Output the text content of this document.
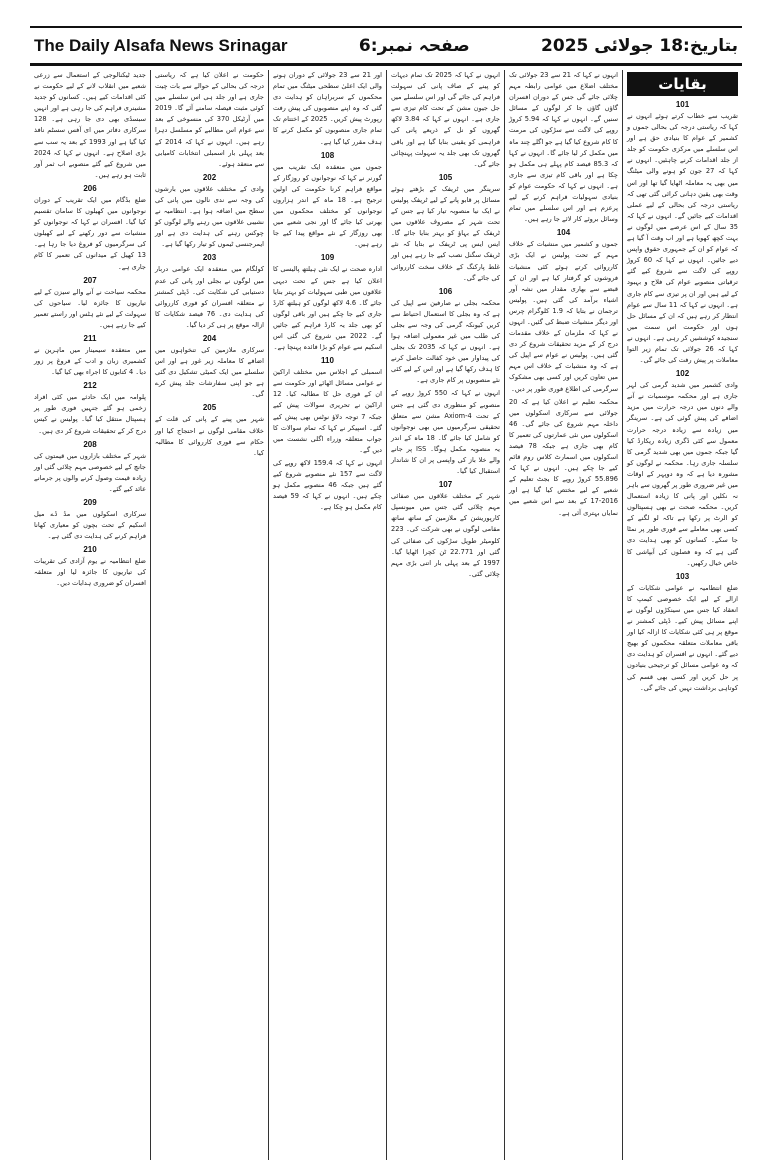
The Daily Alsafa News Srinagar	صفحہ نمبر:6	بتاریخ:18 جولائی 2025
بقایات
101

تقریب سے خطاب کرتے ہوئے انہوں نے کہا کہ ریاستی درجہ کی بحالی جموں و کشمیر کے عوام کا بنیادی حق ہے اور اس سلسلے میں مرکزی حکومت کو جلد از جلد اقدامات کرنے چاہئیں۔ انہوں نے کہا کہ 27 جون کو ہونے والی میٹنگ میں بھی یہ معاملہ اٹھایا گیا تھا اور اس وقت بھی یقین دہانی کرائی گئی تھی کہ ریاستی درجہ کی بحالی کے لیے عملی اقدامات کیے جائیں گے۔ انہوں نے کہا کہ 35 سال کے اس عرصے میں لوگوں نے بہت کچھ کھویا ہے اور اب وقت آ گیا ہے کہ عوام کو ان کے جمہوری حقوق واپس دیے جائیں۔ انہوں نے کہا کہ 60 کروڑ روپے کی لاگت سے شروع کیے گئے ترقیاتی منصوبے عوام کی فلاح و بہبود کے لیے ہیں اور ان پر تیزی سے کام جاری ہے۔ انہوں نے کہا کہ 11 سال سے عوام انتظار کر رہے ہیں کہ ان کے مسائل حل ہوں اور حکومت اس سمت میں سنجیدہ کوششیں کر رہی ہے۔ انہوں نے کہا کہ 26 جولائی تک تمام زیر التوا معاملات پر پیش رفت کی جائے گی۔

102

وادی کشمیر میں شدید گرمی کی لہر جاری ہے اور محکمہ موسمیات نے آنے والے دنوں میں درجہ حرارت میں مزید اضافے کی پیش گوئی کی ہے۔ سرینگر میں زیادہ سے زیادہ درجہ حرارت معمول سے کئی ڈگری زیادہ ریکارڈ کیا گیا جبکہ جموں میں بھی شدید گرمی کا سلسلہ جاری رہا۔ محکمہ نے لوگوں کو مشورہ دیا ہے کہ وہ دوپہر کے اوقات میں غیر ضروری طور پر گھروں سے باہر نہ نکلیں اور پانی کا زیادہ استعمال کریں۔ محکمہ صحت نے بھی ہسپتالوں کو الرٹ پر رکھا ہے تاکہ لو لگنے کے کسی بھی معاملے سے فوری طور پر نمٹا جا سکے۔ کسانوں کو بھی ہدایت دی گئی ہے کہ وہ فصلوں کی آبپاشی کا خاص خیال رکھیں۔

103

ضلع انتظامیہ نے عوامی شکایات کے ازالے کے لیے ایک خصوصی کیمپ کا انعقاد کیا جس میں سینکڑوں لوگوں نے اپنے مسائل پیش کیے۔ ڈپٹی کمشنر نے موقع پر ہی کئی شکایات کا ازالہ کیا اور باقی معاملات متعلقہ محکموں کو بھیج دیے گئے۔ انہوں نے افسران کو ہدایت دی کہ وہ عوامی مسائل کو ترجیحی بنیادوں پر حل کریں اور کسی بھی قسم کی کوتاہی برداشت نہیں کی جائے گی۔

انہوں نے کہا کہ 21 سے 23 جولائی تک مختلف اضلاع میں عوامی رابطہ مہم چلائی جائے گی جس کے دوران افسران گاؤں گاؤں جا کر لوگوں کے مسائل سنیں گے۔ انہوں نے کہا کہ 5.94 کروڑ روپے کی لاگت سے سڑکوں کی مرمت کا کام شروع کیا گیا ہے جو اگلے چند ماہ میں مکمل کر لیا جائے گا۔ انہوں نے کہا کہ 85.3 فیصد کام پہلے ہی مکمل ہو چکا ہے اور باقی کام تیزی سے جاری ہے۔ انہوں نے کہا کہ حکومت عوام کو بنیادی سہولیات فراہم کرنے کے لیے پرعزم ہے اور اس سلسلے میں تمام وسائل بروئے کار لائے جا رہے ہیں۔

104

جموں و کشمیر میں منشیات کے خلاف مہم کے تحت پولیس نے ایک بڑی کارروائی کرتے ہوئے کئی منشیات فروشوں کو گرفتار کیا ہے اور ان کے قبضے سے بھاری مقدار میں نشہ آور اشیاء برآمد کی گئی ہیں۔ پولیس ترجمان نے بتایا کہ 1.9 کلوگرام چرس اور دیگر منشیات ضبط کی گئیں۔ انہوں نے کہا کہ ملزمان کے خلاف مقدمات درج کر کے مزید تحقیقات شروع کر دی گئی ہیں۔ پولیس نے عوام سے اپیل کی ہے کہ وہ منشیات کے خلاف اس مہم میں تعاون کریں اور کسی بھی مشکوک سرگرمی کی اطلاع فوری طور پر دیں۔

محکمہ تعلیم نے اعلان کیا ہے کہ 20 جولائی سے سرکاری اسکولوں میں داخلہ مہم شروع کی جائے گی۔ 46 اسکولوں میں نئی عمارتوں کی تعمیر کا کام بھی جاری ہے جبکہ 78 فیصد اسکولوں میں اسمارٹ کلاس روم قائم کیے جا چکے ہیں۔ انہوں نے کہا کہ 55.896 کروڑ روپے کا بجٹ تعلیم کے شعبے کے لیے مختص کیا گیا ہے اور 2016-17 کے بعد سے اس شعبے میں نمایاں بہتری آئی ہے۔

انہوں نے کہا کہ 2025 تک تمام دیہات کو پینے کے صاف پانی کی سہولت فراہم کی جائے گی اور اس سلسلے میں جل جیون مشن کے تحت کام تیزی سے جاری ہے۔ انہوں نے کہا کہ 3.84 لاکھ گھروں کو نل کے ذریعے پانی کی فراہمی کو یقینی بنایا گیا ہے اور باقی گھروں تک بھی جلد یہ سہولت پہنچائی جائے گی۔

105

سرینگر میں ٹریفک کے بڑھتے ہوئے مسائل پر قابو پانے کے لیے ٹریفک پولیس نے ایک نیا منصوبہ تیار کیا ہے جس کے تحت شہر کے مصروف علاقوں میں ٹریفک کے بہاؤ کو بہتر بنایا جائے گا۔ ایس ایس پی ٹریفک نے بتایا کہ نئے ٹریفک سگنل نصب کیے جا رہے ہیں اور غلط پارکنگ کے خلاف سخت کارروائی کی جائے گی۔

106

محکمہ بجلی نے صارفین سے اپیل کی ہے کہ وہ بجلی کا استعمال احتیاط سے کریں کیونکہ گرمی کی وجہ سے بجلی کی طلب میں غیر معمولی اضافہ ہوا ہے۔ انہوں نے کہا کہ 2035 تک بجلی کی پیداوار میں خود کفالت حاصل کرنے کا ہدف رکھا گیا ہے اور اس کے لیے کئی نئے منصوبوں پر کام جاری ہے۔

انہوں نے کہا کہ 550 کروڑ روپے کے منصوبے کو منظوری دی گئی ہے جس کے تحت Axiom-4 مشن سے متعلق تحقیقی سرگرمیوں میں بھی نوجوانوں کو شامل کیا جائے گا۔ 18 ماہ کے اندر یہ منصوبہ مکمل ہوگا۔ ISS پر جانے والے خلا باز کی واپسی پر ان کا شاندار استقبال کیا گیا۔

107

شہر کے مختلف علاقوں میں صفائی مہم چلائی گئی جس میں میونسپل کارپوریشن کے ملازمین کے ساتھ ساتھ مقامی لوگوں نے بھی شرکت کی۔ 223 کلومیٹر طویل سڑکوں کی صفائی کی گئی اور 22.771 ٹن کچرا اٹھایا گیا۔ 1997 کے بعد پہلی بار اتنی بڑی مہم چلائی گئی۔

اور 21 سے 23 جولائی کے دوران ہونے والی ایک اعلیٰ سطحی میٹنگ میں تمام محکموں کے سربراہان کو ہدایت دی گئی کہ وہ اپنے منصوبوں کی پیش رفت رپورٹ پیش کریں۔ 2025 کے اختتام تک تمام جاری منصوبوں کو مکمل کرنے کا ہدف مقرر کیا گیا ہے۔

108

جموں میں منعقدہ ایک تقریب میں گورنر نے کہا کہ نوجوانوں کو روزگار کے مواقع فراہم کرنا حکومت کی اولین ترجیح ہے۔ 18 ماہ کے اندر ہزاروں نوجوانوں کو مختلف محکموں میں بھرتی کیا جائے گا اور نجی شعبے میں بھی روزگار کے نئے مواقع پیدا کیے جا رہے ہیں۔

109

ادارہ صحت نے ایک نئی ہیلتھ پالیسی کا اعلان کیا ہے جس کے تحت دیہی علاقوں میں طبی سہولیات کو بہتر بنایا جائے گا۔ 4.6 لاکھ لوگوں کو ہیلتھ کارڈ جاری کیے جا چکے ہیں اور باقی لوگوں کو بھی جلد یہ کارڈ فراہم کیے جائیں گے۔ 2022 میں شروع کی گئی اس اسکیم سے عوام کو بڑا فائدہ پہنچا ہے۔

110

اسمبلی کے اجلاس میں مختلف اراکین نے عوامی مسائل اٹھائے اور حکومت سے ان کے فوری حل کا مطالبہ کیا۔ 12 اراکین نے تحریری سوالات پیش کیے جبکہ 7 توجہ دلاؤ نوٹس بھی پیش کیے گئے۔ اسپیکر نے کہا کہ تمام سوالات کا جواب متعلقہ وزراء اگلی نشست میں دیں گے۔

انہوں نے کہا کہ 159.4 لاکھ روپے کی لاگت سے 157 نئے منصوبے شروع کیے گئے ہیں جبکہ 46 منصوبے مکمل ہو چکے ہیں۔ انہوں نے کہا کہ 59 فیصد کام مکمل ہو چکا ہے۔

حکومت نے اعلان کیا ہے کہ ریاستی درجہ کی بحالی کے حوالے سے بات چیت جاری ہے اور جلد ہی اس سلسلے میں کوئی مثبت فیصلہ سامنے آئے گا۔ 2019 میں آرٹیکل 370 کی منسوخی کے بعد سے عوام اس مطالبے کو مسلسل دہرا رہے ہیں۔ انہوں نے کہا کہ 2014 کے بعد پہلی بار اسمبلی انتخابات کامیابی سے منعقد ہوئے۔

202

وادی کے مختلف علاقوں میں بارشوں کی وجہ سے ندی نالوں میں پانی کی سطح میں اضافہ ہوا ہے۔ انتظامیہ نے نشیبی علاقوں میں رہنے والے لوگوں کو چوکس رہنے کی ہدایت دی ہے اور ایمرجنسی ٹیموں کو تیار رکھا گیا ہے۔

203

کولگام میں منعقدہ ایک عوامی دربار میں لوگوں نے بجلی اور پانی کی عدم دستیابی کی شکایت کی۔ ڈپٹی کمشنر نے متعلقہ افسران کو فوری کارروائی کی ہدایت دی۔ 76 فیصد شکایات کا ازالہ موقع پر ہی کر دیا گیا۔

204

سرکاری ملازمین کی تنخواہوں میں اضافے کا معاملہ زیر غور ہے اور اس سلسلے میں ایک کمیٹی تشکیل دی گئی ہے جو اپنی سفارشات جلد پیش کرے گی۔

205

شہر میں پینے کے پانی کی قلت کے خلاف مقامی لوگوں نے احتجاج کیا اور حکام سے فوری کارروائی کا مطالبہ کیا۔

جدید ٹیکنالوجی کے استعمال سے زرعی شعبے میں انقلاب لانے کے لیے حکومت نے کئی اقدامات کیے ہیں۔ کسانوں کو جدید مشینری فراہم کی جا رہی ہے اور انہیں سبسڈی بھی دی جا رہی ہے۔ 128 سرکاری دفاتر میں ای آفس سسٹم نافذ کیا گیا ہے اور 1993 کے بعد یہ سب سے بڑی اصلاح ہے۔ انہوں نے کہا کہ 2024 میں شروع کیے گئے منصوبے اب ثمر آور ثابت ہو رہے ہیں۔

206

ضلع بڈگام میں ایک تقریب کے دوران نوجوانوں میں کھیلوں کا سامان تقسیم کیا گیا۔ افسران نے کہا کہ نوجوانوں کو منشیات سے دور رکھنے کے لیے کھیلوں کی سرگرمیوں کو فروغ دیا جا رہا ہے۔ 13 کھیل کے میدانوں کی تعمیر کا کام جاری ہے۔

207

محکمہ سیاحت نے آنے والے سیزن کے لیے تیاریوں کا جائزہ لیا۔ سیاحوں کی سہولت کے لیے نئے ہٹس اور راستے تعمیر کیے جا رہے ہیں۔

211

میں منعقدہ سیمینار میں ماہرین نے کشمیری زبان و ادب کے فروغ پر زور دیا۔ 4 کتابوں کا اجراء بھی کیا گیا۔

212

پلوامہ میں ایک حادثے میں کئی افراد زخمی ہو گئے جنہیں فوری طور پر ہسپتال منتقل کیا گیا۔ پولیس نے کیس درج کر کے تحقیقات شروع کر دی ہیں۔

208

شہر کے مختلف بازاروں میں قیمتوں کی جانچ کے لیے خصوصی مہم چلائی گئی اور زیادہ قیمت وصول کرنے والوں پر جرمانے عائد کیے گئے۔

209

سرکاری اسکولوں میں مڈ ڈے میل اسکیم کے تحت بچوں کو معیاری کھانا فراہم کرنے کی ہدایت دی گئی ہے۔

210

ضلع انتظامیہ نے یوم آزادی کی تقریبات کی تیاریوں کا جائزہ لیا اور متعلقہ افسران کو ضروری ہدایات دیں۔
